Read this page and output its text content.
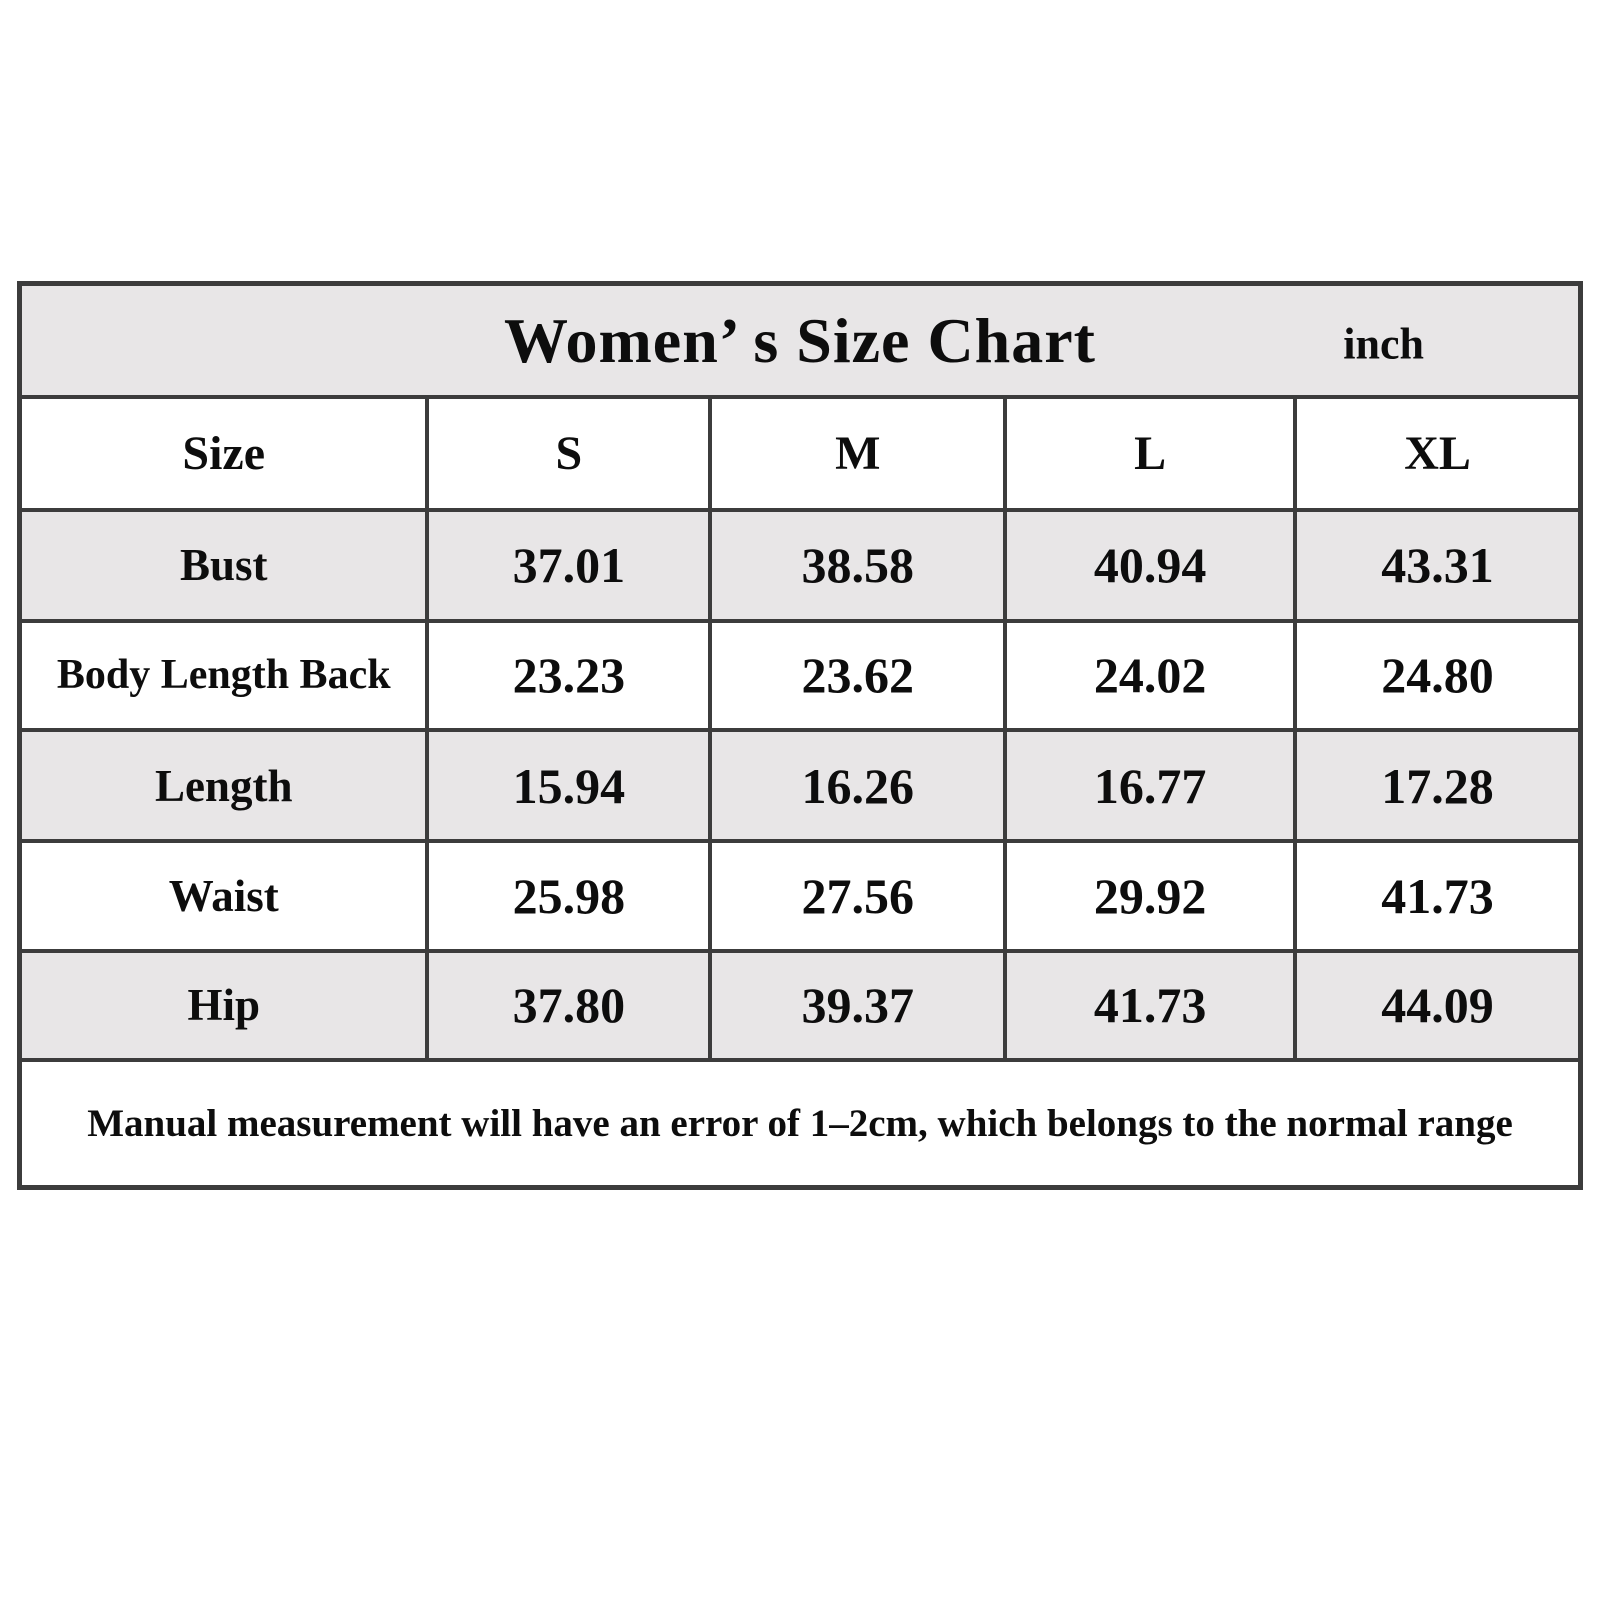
Women’ s Size Chart	inch
Size	S	M	L	XL
Bust	37.01	38.58	40.94	43.31
Body Length Back	23.23	23.62	24.02	24.80
Length	15.94	16.26	16.77	17.28
Waist	25.98	27.56	29.92	41.73
Hip	37.80	39.37	41.73	44.09
Manual measurement will have an error of 1–2cm, which belongs to the normal range
